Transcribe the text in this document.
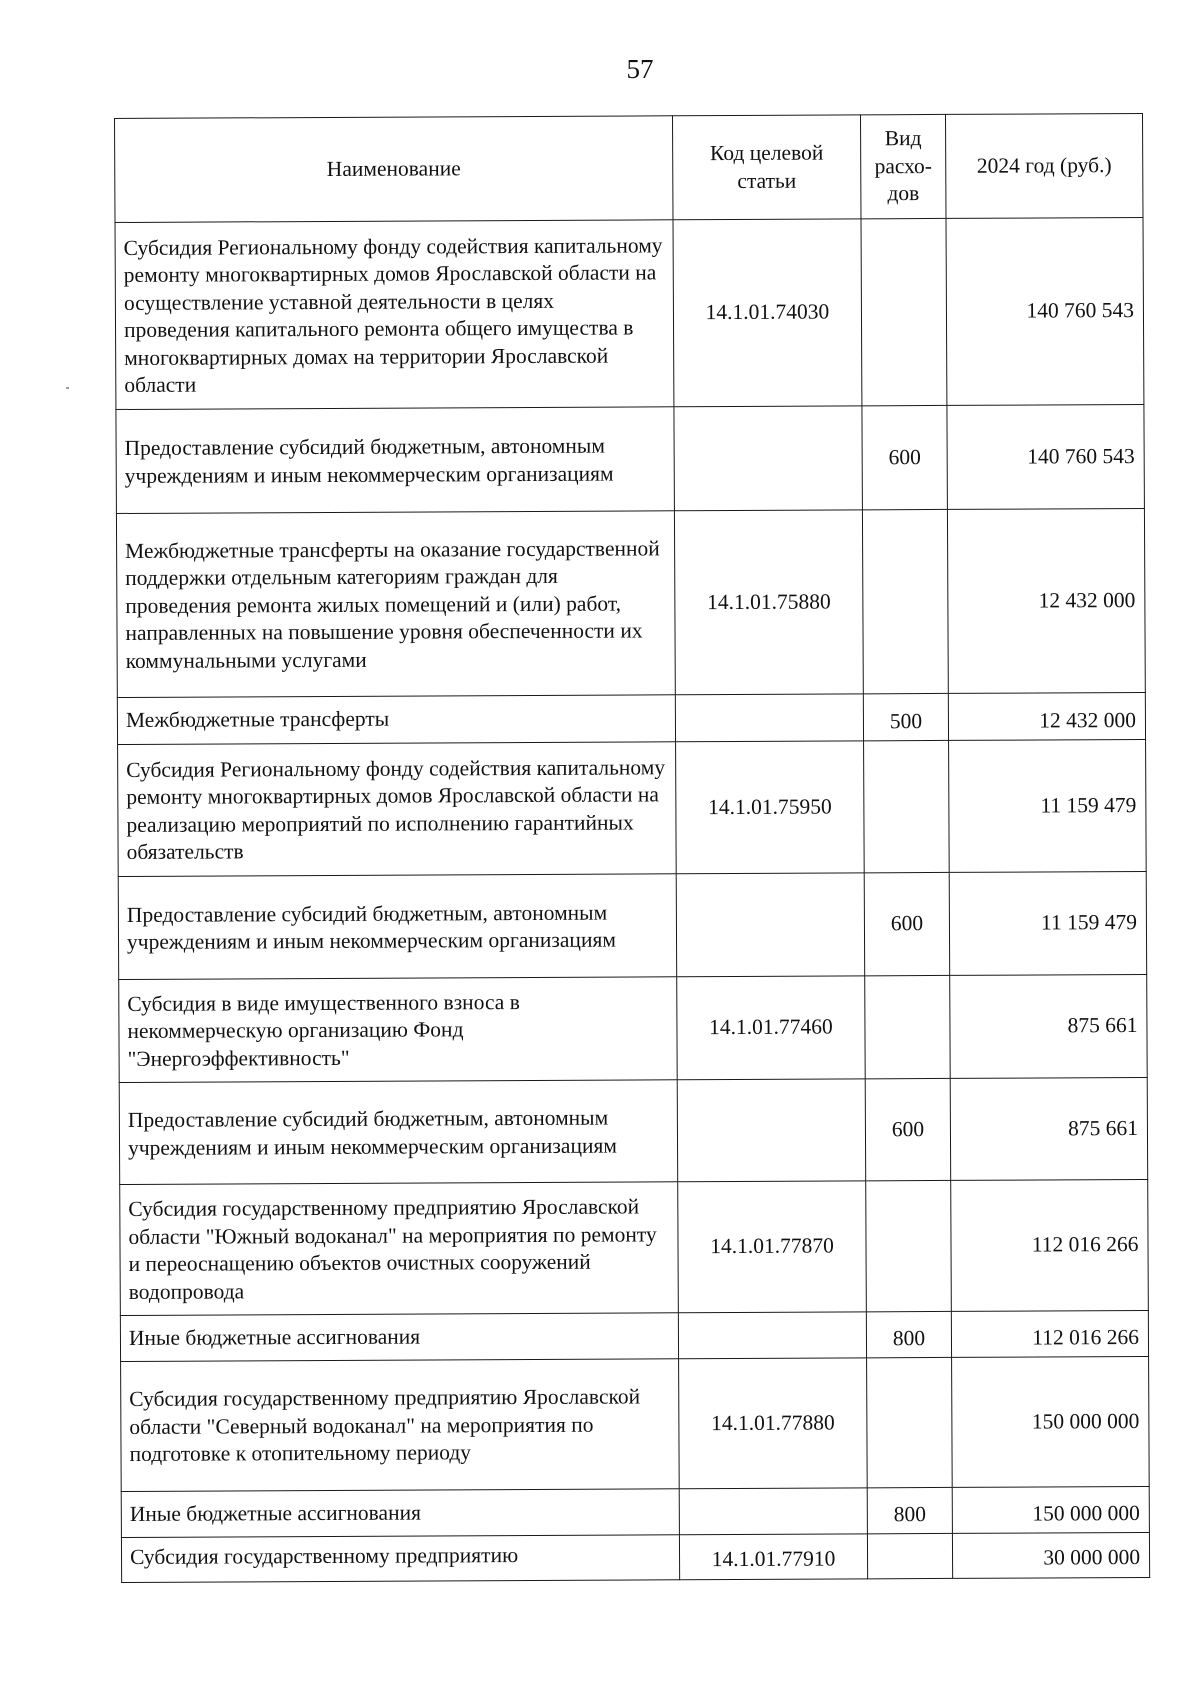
57
Наименование	Код целевой статьи	Вид расхо-дов	2024 год (руб.)
Субсидия Региональному фонду содействия капитальному ремонту многоквартирных домов Ярославской области на осуществление уставной деятельности в целях проведения капитального ремонта общего имущества в многоквартирных домах на территории Ярославской области	14.1.01.74030		140 760 543
Предоставление субсидий бюджетным, автономным учреждениям и иным некоммерческим организациям		600	140 760 543
Межбюджетные трансферты на оказание государственной поддержки отдельным категориям граждан для проведения ремонта жилых помещений и (или) работ, направленных на повышение уровня обеспеченности их коммунальными услугами	14.1.01.75880		12 432 000
Межбюджетные трансферты		500	12 432 000
Субсидия Региональному фонду содействия капитальному ремонту многоквартирных домов Ярославской области на реализацию мероприятий по исполнению гарантийных обязательств	14.1.01.75950		11 159 479
Предоставление субсидий бюджетным, автономным учреждениям и иным некоммерческим организациям		600	11 159 479
Субсидия в виде имущественного взноса в некоммерческую организацию Фонд "Энергоэффективность"	14.1.01.77460		875 661
Предоставление субсидий бюджетным, автономным учреждениям и иным некоммерческим организациям		600	875 661
Субсидия государственному предприятию Ярославской области "Южный водоканал" на мероприятия по ремонту и переоснащению объектов очистных сооружений водопровода	14.1.01.77870		112 016 266
Иные бюджетные ассигнования		800	112 016 266
Субсидия государственному предприятию Ярославской области "Северный водоканал" на мероприятия по подготовке к отопительному периоду	14.1.01.77880		150 000 000
Иные бюджетные ассигнования		800	150 000 000
Субсидия государственному предприятию	14.1.01.77910		30 000 000
